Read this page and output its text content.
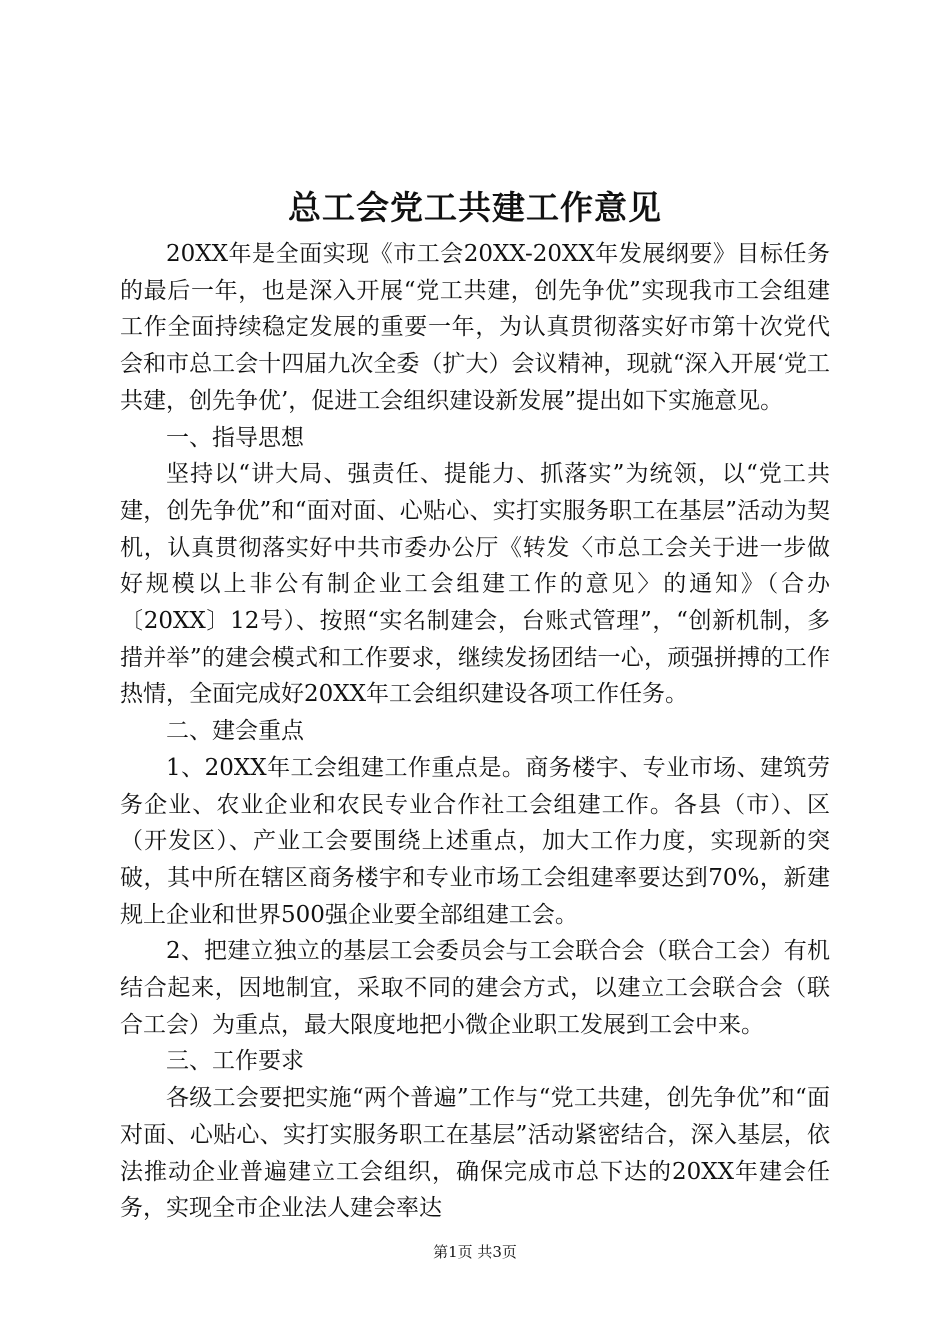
总工会党工共建工作意见

20XX年是全面实现《市工会20XX-20XX年发展纲要》目标任务的最后一年，也是深入开展“党工共建，创先争优”实现我市工会组建工作全面持续稳定发展的重要一年，为认真贯彻落实好市第十次党代会和市总工会十四届九次全委（扩大）会议精神，现就“深入开展‘党工共建，创先争优’，促进工会组织建设新发展”提出如下实施意见。

一、指导思想

坚持以“讲大局、强责任、提能力、抓落实”为统领，以“党工共建，创先争优”和“面对面、心贴心、实打实服务职工在基层”活动为契机，认真贯彻落实好中共市委办公厅《转发〈市总工会关于进一步做好规模以上非公有制企业工会组建工作的意见〉的通知》（合办〔20XX〕12号）、按照“实名制建会，台账式管理”，“创新机制，多措并举”的建会模式和工作要求，继续发扬团结一心，顽强拼搏的工作热情，全面完成好20XX年工会组织建设各项工作任务。

二、建会重点

1、20XX年工会组建工作重点是。商务楼宇、专业市场、建筑劳务企业、农业企业和农民专业合作社工会组建工作。各县（市）、区（开发区）、产业工会要围绕上述重点，加大工作力度，实现新的突破，其中所在辖区商务楼宇和专业市场工会组建率要达到70%，新建规上企业和世界500强企业要全部组建工会。

2、把建立独立的基层工会委员会与工会联合会（联合工会）有机结合起来，因地制宜，采取不同的建会方式，以建立工会联合会（联合工会）为重点，最大限度地把小微企业职工发展到工会中来。

三、工作要求

各级工会要把实施“两个普遍”工作与“党工共建，创先争优”和“面对面、心贴心、实打实服务职工在基层”活动紧密结合，深入基层，依法推动企业普遍建立工会组织，确保完成市总下达的20XX年建会任务，实现全市企业法人建会率达

第1页 共3页
